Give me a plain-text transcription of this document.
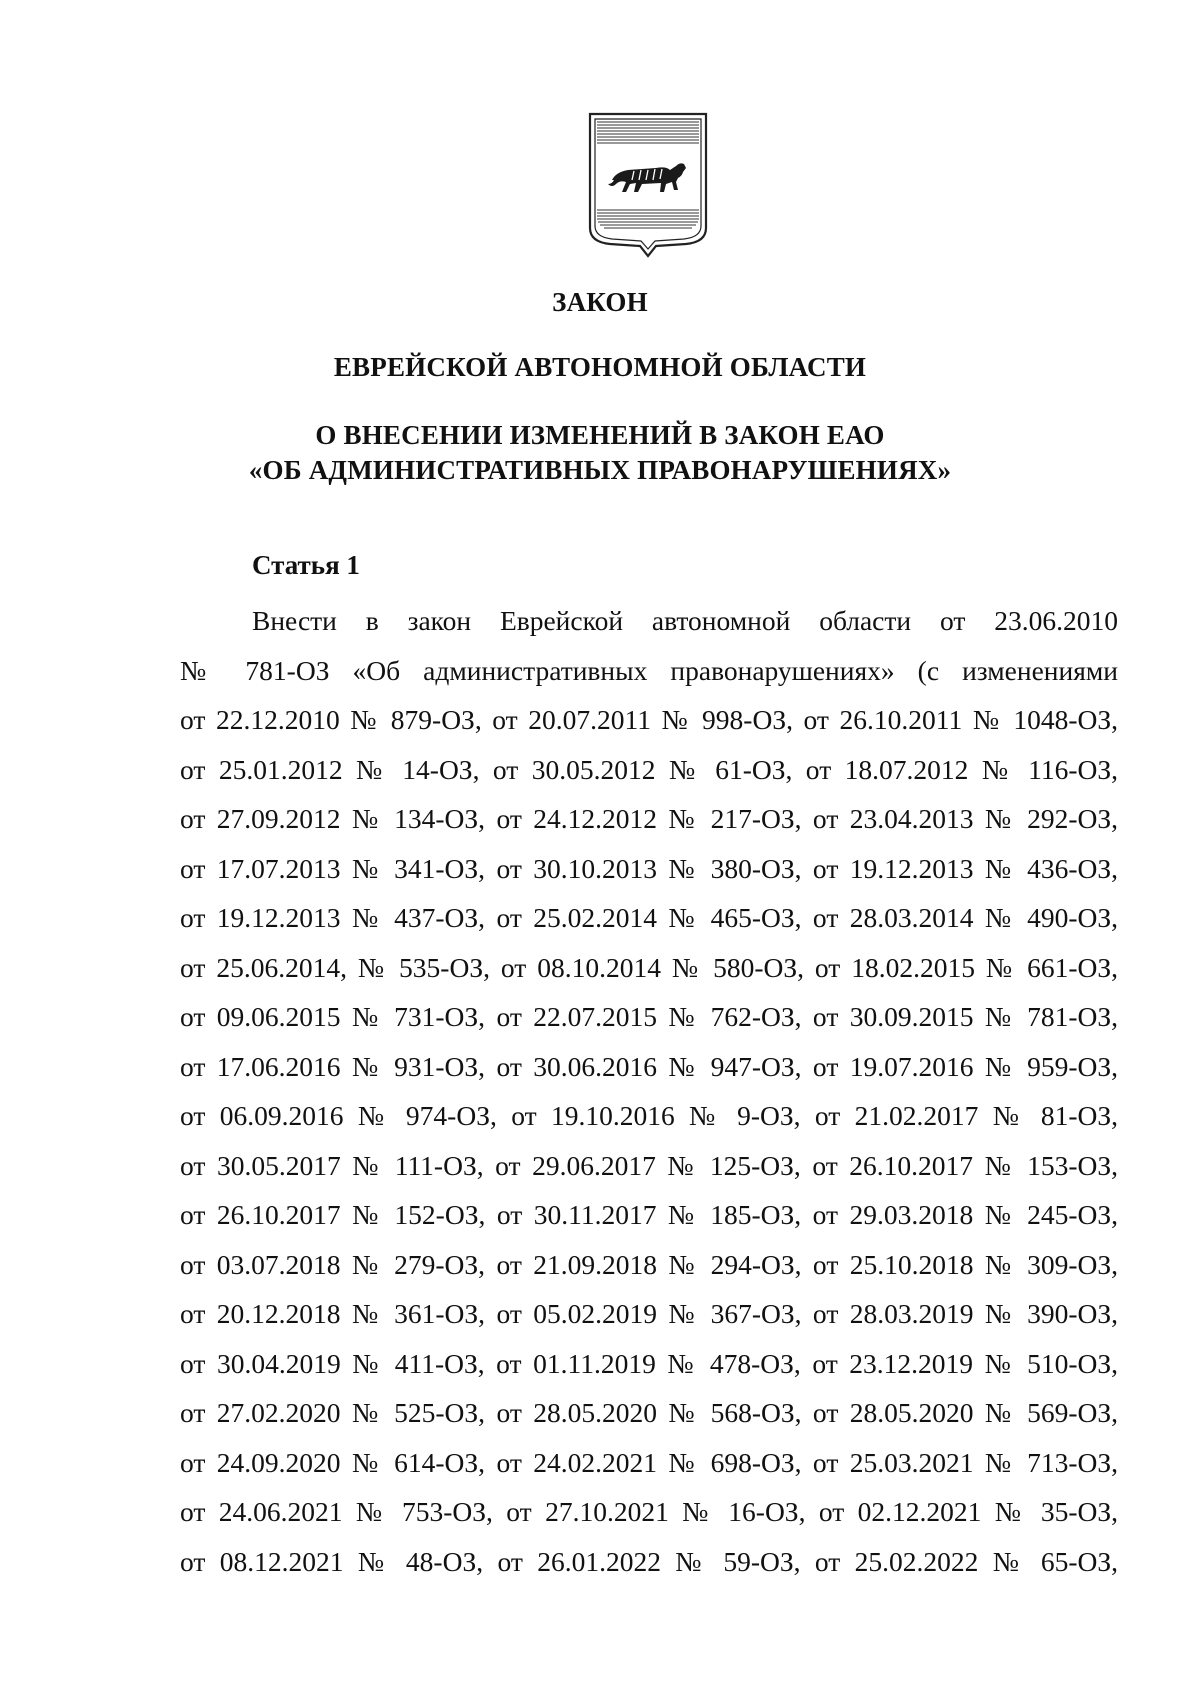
ЗАКОН
ЕВРЕЙСКОЙ АВТОНОМНОЙ ОБЛАСТИ
О ВНЕСЕНИИ ИЗМЕНЕНИЙ В ЗАКОН ЕАО
«ОБ АДМИНИСТРАТИВНЫХ ПРАВОНАРУШЕНИЯХ»
Статья 1
Внести в закон Еврейской автономной области от 23.06.2010
№ 781-ОЗ «Об административных правонарушениях» (с изменениями
от 22.12.2010 № 879-ОЗ, от 20.07.2011 № 998-ОЗ, от 26.10.2011 № 1048-ОЗ,
от 25.01.2012 № 14-ОЗ, от 30.05.2012 № 61-ОЗ, от 18.07.2012 № 116-ОЗ,
от 27.09.2012 № 134-ОЗ, от 24.12.2012 № 217-ОЗ, от 23.04.2013 № 292-ОЗ,
от 17.07.2013 № 341-ОЗ, от 30.10.2013 № 380-ОЗ, от 19.12.2013 № 436-ОЗ,
от 19.12.2013 № 437-ОЗ, от 25.02.2014 № 465-ОЗ, от 28.03.2014 № 490-ОЗ,
от 25.06.2014, № 535-ОЗ, от 08.10.2014 № 580-ОЗ, от 18.02.2015 № 661-ОЗ,
от 09.06.2015 № 731-ОЗ, от 22.07.2015 № 762-ОЗ, от 30.09.2015 № 781-ОЗ,
от 17.06.2016 № 931-ОЗ, от 30.06.2016 № 947-ОЗ, от 19.07.2016 № 959-ОЗ,
от 06.09.2016 № 974-ОЗ, от 19.10.2016 № 9-ОЗ, от 21.02.2017 № 81-ОЗ,
от 30.05.2017 № 111-ОЗ, от 29.06.2017 № 125-ОЗ, от 26.10.2017 № 153-ОЗ,
от 26.10.2017 № 152-ОЗ, от 30.11.2017 № 185-ОЗ, от 29.03.2018 № 245-ОЗ,
от 03.07.2018 № 279-ОЗ, от 21.09.2018 № 294-ОЗ, от 25.10.2018 № 309-ОЗ,
от 20.12.2018 № 361-ОЗ, от 05.02.2019 № 367-ОЗ, от 28.03.2019 № 390-ОЗ,
от 30.04.2019 № 411-ОЗ, от 01.11.2019 № 478-ОЗ, от 23.12.2019 № 510-ОЗ,
от 27.02.2020 № 525-ОЗ, от 28.05.2020 № 568-ОЗ, от 28.05.2020 № 569-ОЗ,
от 24.09.2020 № 614-ОЗ, от 24.02.2021 № 698-ОЗ, от 25.03.2021 № 713-ОЗ,
от 24.06.2021 № 753-ОЗ, от 27.10.2021 № 16-ОЗ, от 02.12.2021 № 35-ОЗ,
от 08.12.2021 № 48-ОЗ, от 26.01.2022 № 59-ОЗ, от 25.02.2022 № 65-ОЗ,
